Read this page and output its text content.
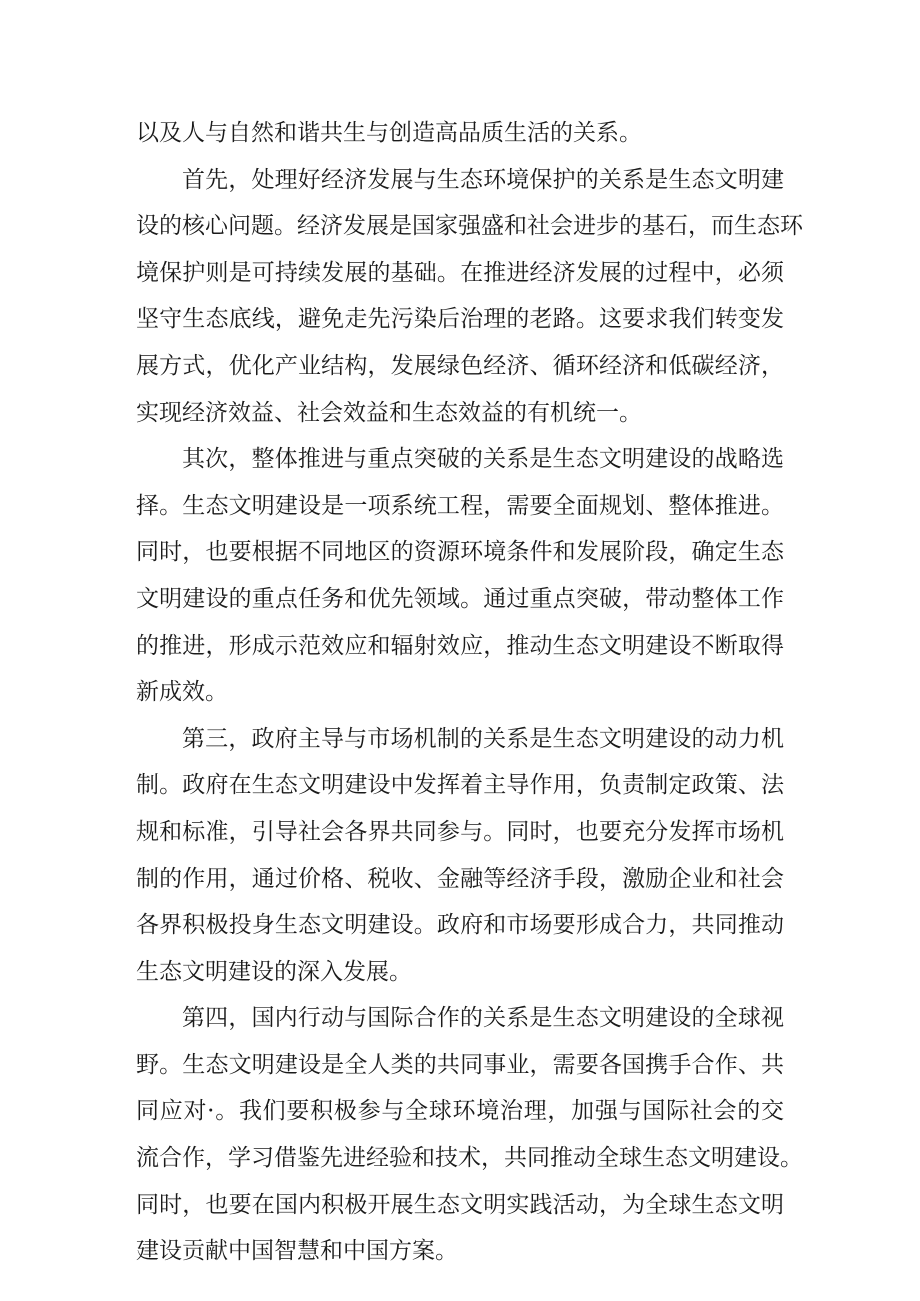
以及人与自然和谐共生与创造高品质生活的关系。
首先，处理好经济发展与生态环境保护的关系是生态文明建
设的核心问题。经济发展是国家强盛和社会进步的基石，而生态环
境保护则是可持续发展的基础。在推进经济发展的过程中，必须
坚守生态底线，避免走先污染后治理的老路。这要求我们转变发
展方式，优化产业结构，发展绿色经济、循环经济和低碳经济，
实现经济效益、社会效益和生态效益的有机统一。
其次，整体推进与重点突破的关系是生态文明建设的战略选
择。生态文明建设是一项系统工程，需要全面规划、整体推进。
同时，也要根据不同地区的资源环境条件和发展阶段，确定生态
文明建设的重点任务和优先领域。通过重点突破，带动整体工作
的推进，形成示范效应和辐射效应，推动生态文明建设不断取得
新成效。
第三，政府主导与市场机制的关系是生态文明建设的动力机
制。政府在生态文明建设中发挥着主导作用，负责制定政策、法
规和标准，引导社会各界共同参与。同时，也要充分发挥市场机
制的作用，通过价格、税收、金融等经济手段，激励企业和社会
各界积极投身生态文明建设。政府和市场要形成合力，共同推动
生态文明建设的深入发展。
第四，国内行动与国际合作的关系是生态文明建设的全球视
野。生态文明建设是全人类的共同事业，需要各国携手合作、共
同应对·。我们要积极参与全球环境治理，加强与国际社会的交
流合作，学习借鉴先进经验和技术，共同推动全球生态文明建设。
同时，也要在国内积极开展生态文明实践活动，为全球生态文明
建设贡献中国智慧和中国方案。
